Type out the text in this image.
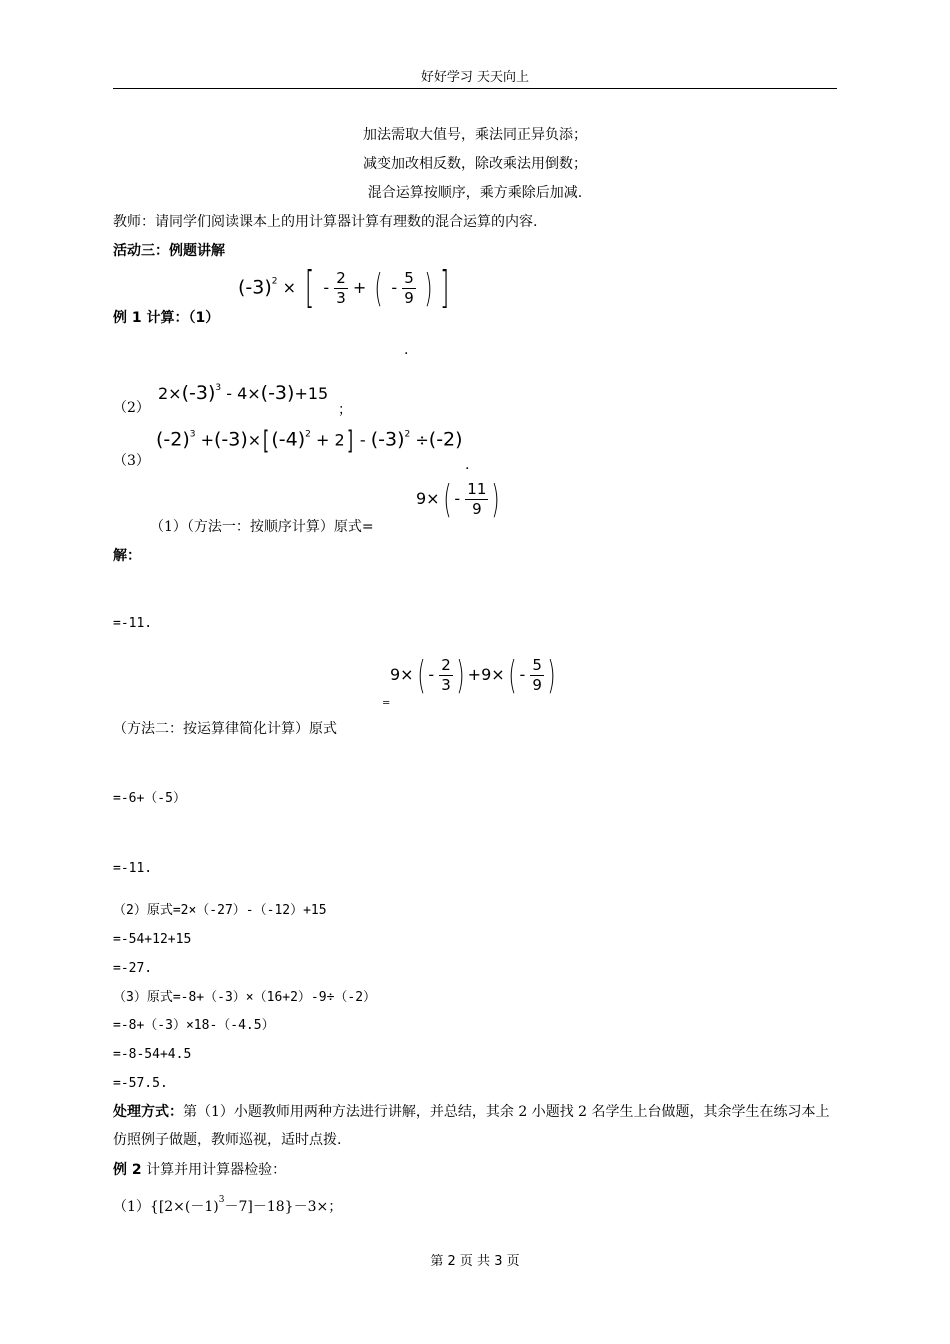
好好学习 天天向上
加法需取大值号，乘法同正异负添；
减变加改相反数，除改乘法用倒数；
混合运算按顺序，乘方乘除后加减.
教师：请同学们阅读课本上的用计算器计算有理数的混合运算的内容.
活动三：例题讲解
例 1 计算：（1）
$(-3)^2$ × [ - $\frac{2}{3}$ + ( - $\frac{5}{9}$ ) ]
.
（2）
$2\times(-3)^3 - 4\times(-3)+15$
；
（3）
$(-2)^3 +(-3)\times$[ $(-4)^2 + 2] - (-3)^2 \div(-2)$
.
（1）（方法一：按顺序计算）原式=
$9\times( - \frac{11}{9}$ )
解：
=-11.
=
$9\times( - \frac{2}{3}$ ) $+9\times( - \frac{5}{9}$ )
（方法二：按运算律简化计算）原式
=-6+（-5）
=-11.
（2）原式=2×（-27）-（-12）+15
=-54+12+15
=-27.
（3）原式=-8+（-3）×（16+2）-9÷（-2）
=-8+（-3）×18-（-4.5）
=-8-54+4.5
=-57.5.
处理方式：第（1）小题教师用两种方法进行讲解，并总结，其余 2 小题找 2 名学生上台做题，其余学生在练习本上仿照例子做题，教师巡视，适时点拨.
例 2 计算并用计算器检验：
$(1)\{[2\times(-1)^3-7]-18\}-3\times$；
第 2 页 共 3 页
